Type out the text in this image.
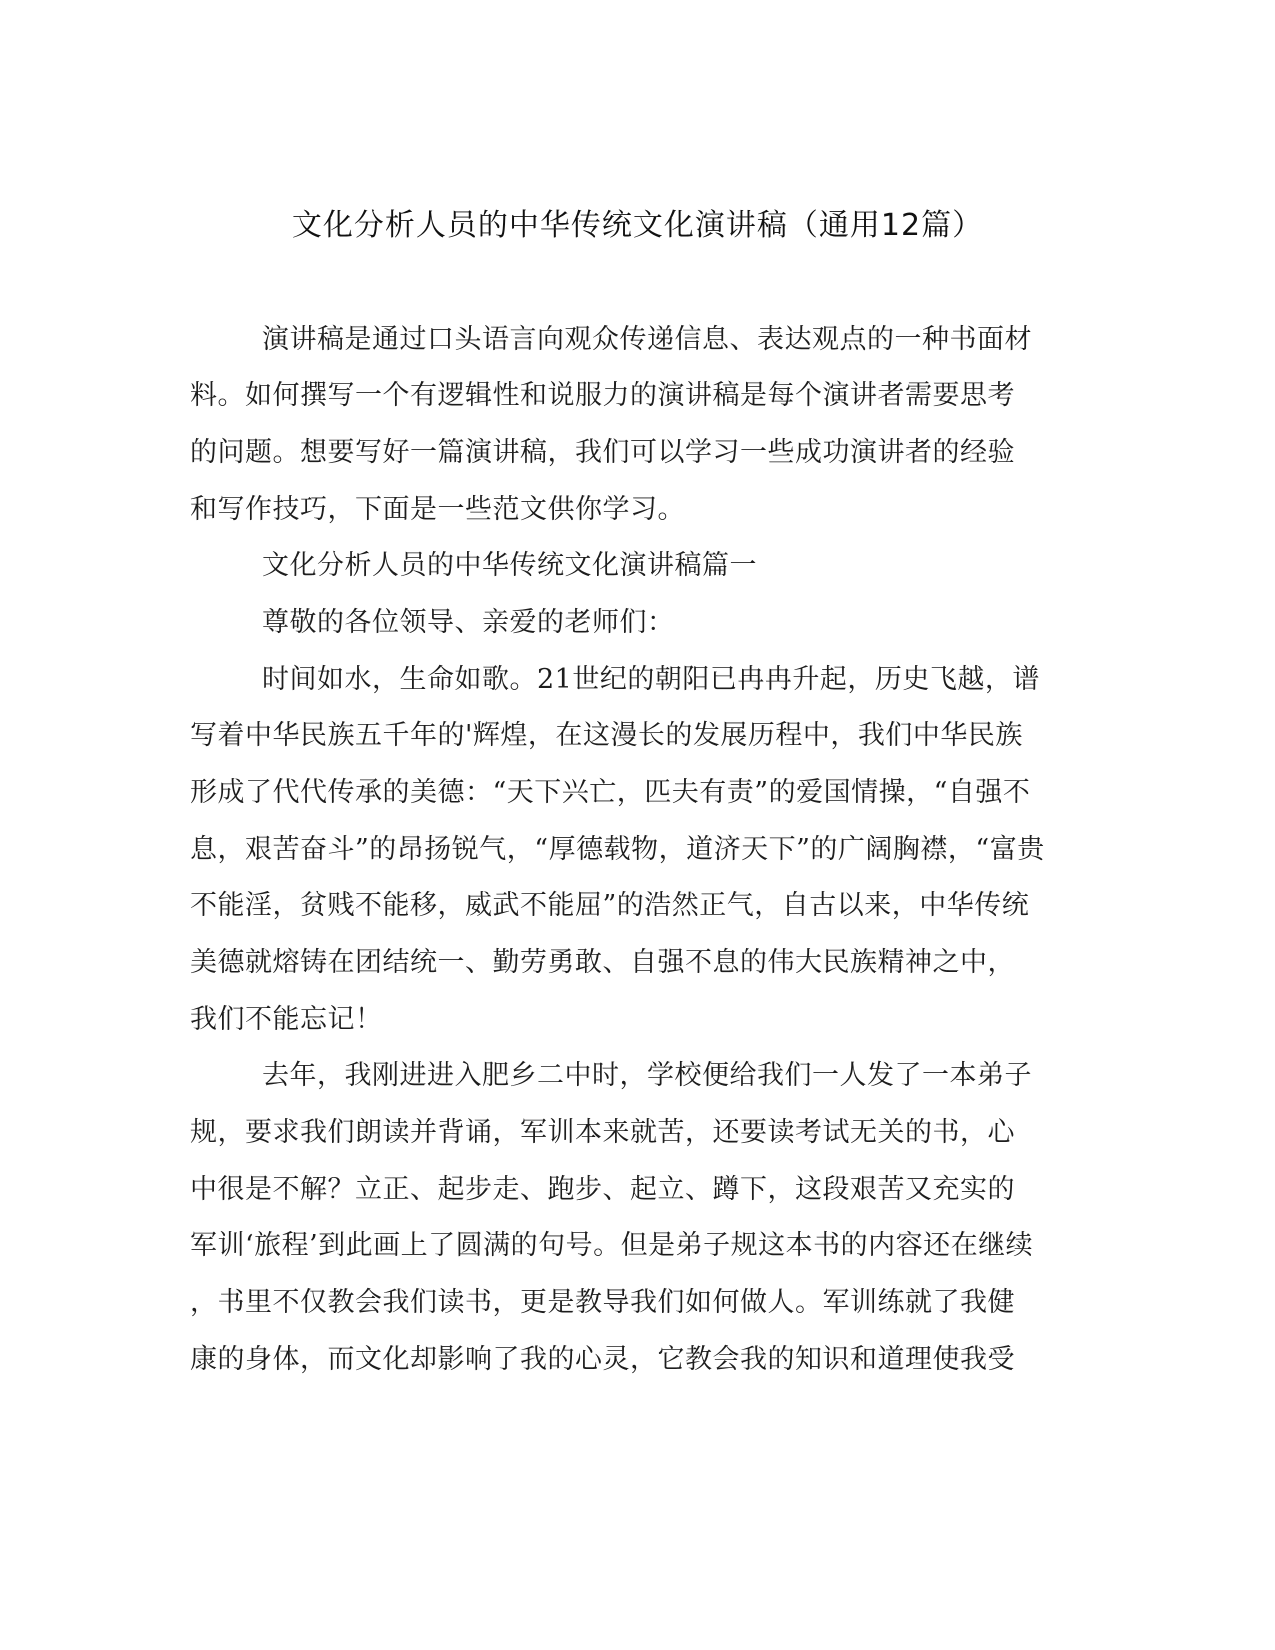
文化分析人员的中华传统文化演讲稿（通用12篇）
演讲稿是通过口头语言向观众传递信息、表达观点的一种书面材
料。如何撰写一个有逻辑性和说服力的演讲稿是每个演讲者需要思考
的问题。想要写好一篇演讲稿，我们可以学习一些成功演讲者的经验
和写作技巧，下面是一些范文供你学习。
文化分析人员的中华传统文化演讲稿篇一
尊敬的各位领导、亲爱的老师们：
时间如水，生命如歌。21世纪的朝阳已冉冉升起，历史飞越，谱
写着中华民族五千年的'辉煌，在这漫长的发展历程中，我们中华民族
形成了代代传承的美德：“天下兴亡，匹夫有责”的爱国情操，“自强不
息，艰苦奋斗”的昂扬锐气，“厚德载物，道济天下”的广阔胸襟，“富贵
不能淫，贫贱不能移，威武不能屈”的浩然正气，自古以来，中华传统
美德就熔铸在团结统一、勤劳勇敢、自强不息的伟大民族精神之中，
我们不能忘记！
去年，我刚进进入肥乡二中时，学校便给我们一人发了一本弟子
规，要求我们朗读并背诵，军训本来就苦，还要读考试无关的书，心
中很是不解？立正、起步走、跑步、起立、蹲下，这段艰苦又充实的
军训‘旅程’到此画上了圆满的句号。但是弟子规这本书的内容还在继续
，书里不仅教会我们读书，更是教导我们如何做人。军训练就了我健
康的身体，而文化却影响了我的心灵，它教会我的知识和道理使我受
